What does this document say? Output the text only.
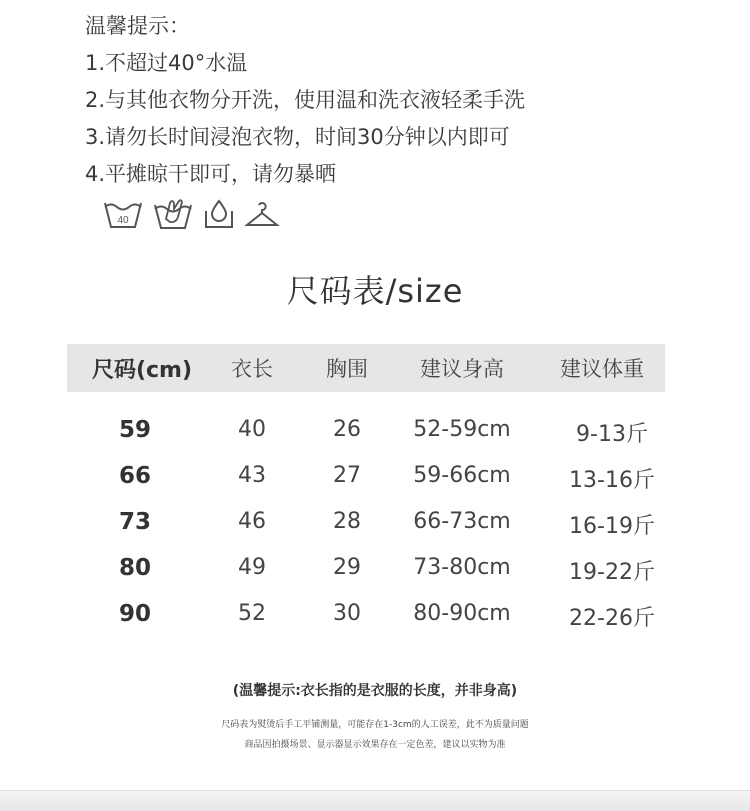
温馨提示：
1.不超过40°水温
2.与其他衣物分开洗，使用温和洗衣液轻柔手洗
3.请勿长时间浸泡衣物，时间30分钟以内即可
4.平摊晾干即可，请勿暴晒
40
尺码表/size
尺码(cm)	衣长	胸围	建议身高	建议体重
59	40	26	52-59cm	9-13斤
66	43	27	59-66cm	13-16斤
73	46	28	66-73cm	16-19斤
80	49	29	73-80cm	19-22斤
90	52	30	80-90cm	22-26斤
(温馨提示:衣长指的是衣服的长度，并非身高)
尺码表为熨烫后手工平铺测量，可能存在1-3cm的人工误差，此不为质量问题
商品因拍摄场景、显示器显示效果存在一定色差，建议以实物为准
